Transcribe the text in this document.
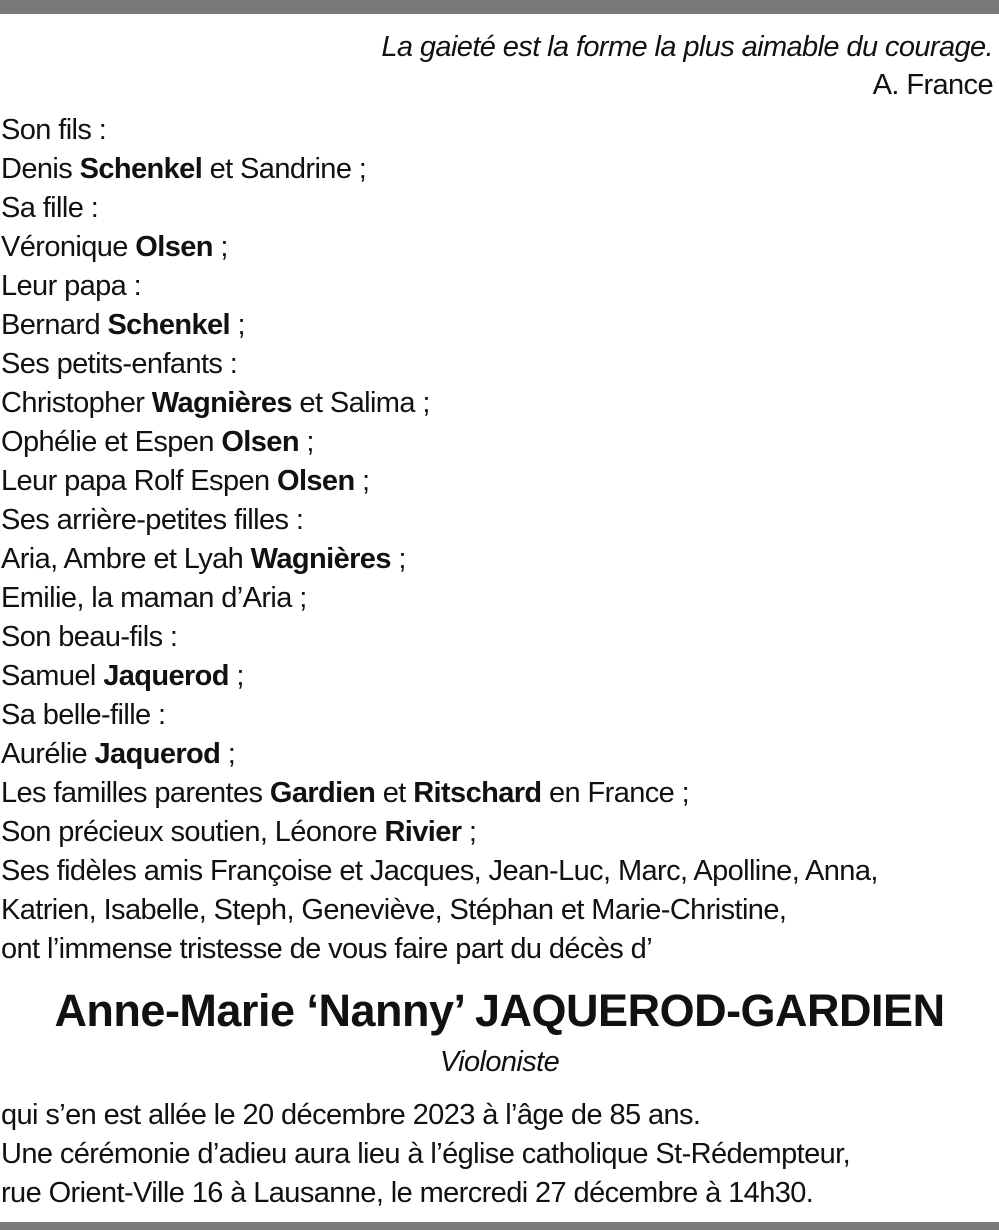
La gaieté est la forme la plus aimable du courage.
A. France
Son fils :
Denis Schenkel et Sandrine ;
Sa fille :
Véronique Olsen ;
Leur papa :
Bernard Schenkel ;
Ses petits-enfants :
Christopher Wagnières et Salima ;
Ophélie et Espen Olsen ;
Leur papa Rolf Espen Olsen ;
Ses arrière-petites filles :
Aria, Ambre et Lyah Wagnières ;
Emilie, la maman d’Aria ;
Son beau-fils :
Samuel Jaquerod ;
Sa belle-fille :
Aurélie Jaquerod ;
Les familles parentes Gardien et Ritschard en France ;
Son précieux soutien, Léonore Rivier ;
Ses fidèles amis Françoise et Jacques, Jean-Luc, Marc, Apolline, Anna,
Katrien, Isabelle, Steph, Geneviève, Stéphan et Marie-Christine,
ont l’immense tristesse de vous faire part du décès d’
Anne-Marie ‘Nanny’ JAQUEROD-GARDIEN
Violoniste
qui s’en est allée le 20 décembre 2023 à l’âge de 85 ans.
Une cérémonie d’adieu aura lieu à l’église catholique St-Rédempteur,
rue Orient-Ville 16 à Lausanne, le mercredi 27 décembre à 14h30.
